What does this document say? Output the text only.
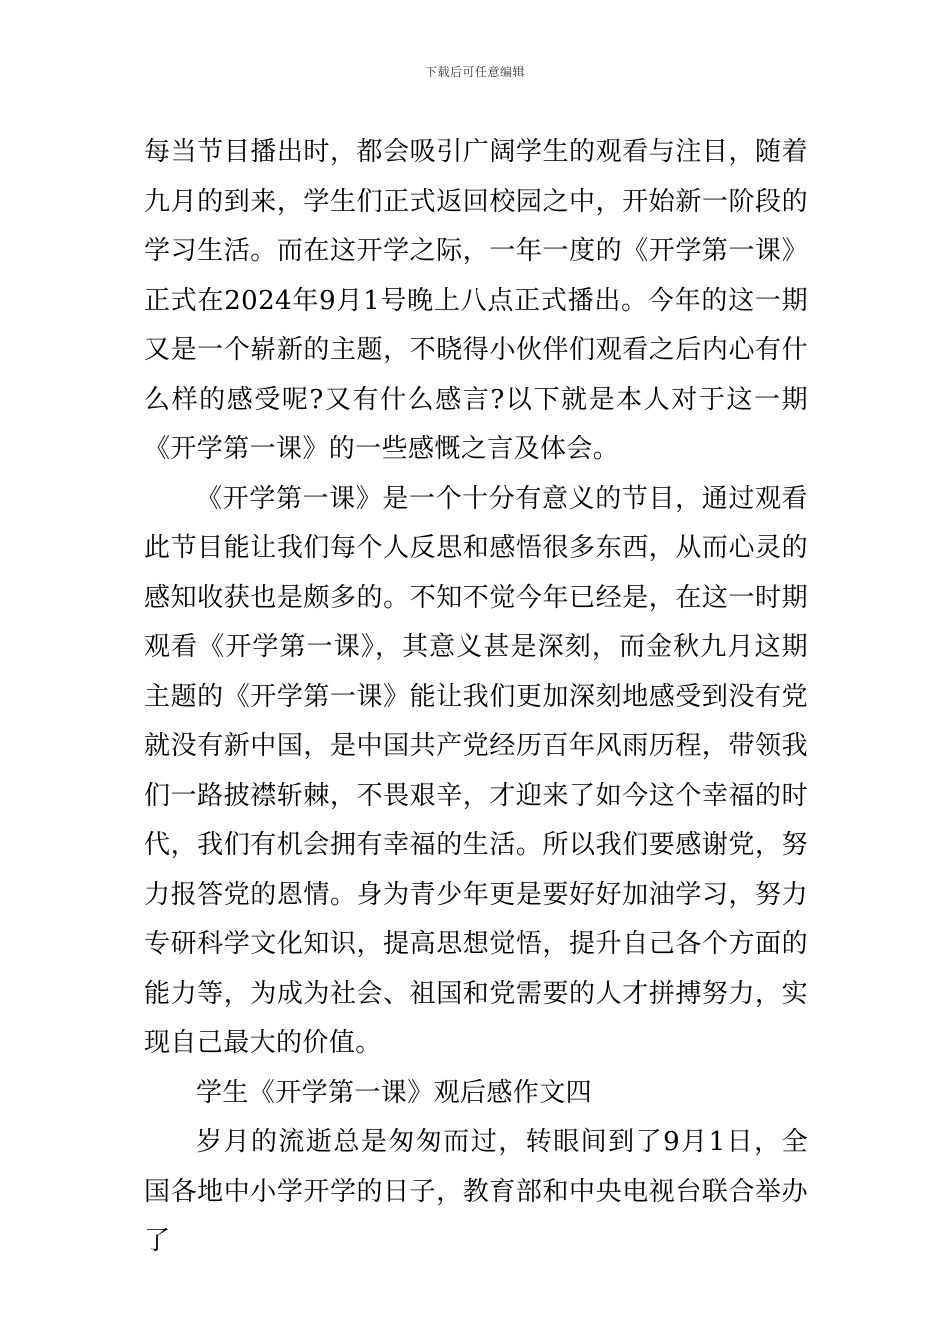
下载后可任意编辑

每当节目播出时，都会吸引广阔学生的观看与注目，随着九月的到来，学生们正式返回校园之中，开始新一阶段的学习生活。而在这开学之际，一年一度的《开学第一课》正式在2024年9月1号晚上八点正式播出。今年的这一期又是一个崭新的主题，不晓得小伙伴们观看之后内心有什么样的感受呢?又有什么感言?以下就是本人对于这一期《开学第一课》的一些感慨之言及体会。

《开学第一课》是一个十分有意义的节目，通过观看此节目能让我们每个人反思和感悟很多东西，从而心灵的感知收获也是颇多的。不知不觉今年已经是，在这一时期观看《开学第一课》，其意义甚是深刻，而金秋九月这期主题的《开学第一课》能让我们更加深刻地感受到没有党就没有新中国，是中国共产党经历百年风雨历程，带领我们一路披襟斩棘，不畏艰辛，才迎来了如今这个幸福的时代，我们有机会拥有幸福的生活。所以我们要感谢党，努力报答党的恩情。身为青少年更是要好好加油学习，努力专研科学文化知识，提高思想觉悟，提升自己各个方面的能力等，为成为社会、祖国和党需要的人才拼搏努力，实现自己最大的价值。

学生《开学第一课》观后感作文四

岁月的流逝总是匆匆而过，转眼间到了9月1日，全国各地中小学开学的日子，教育部和中央电视台联合举办了
